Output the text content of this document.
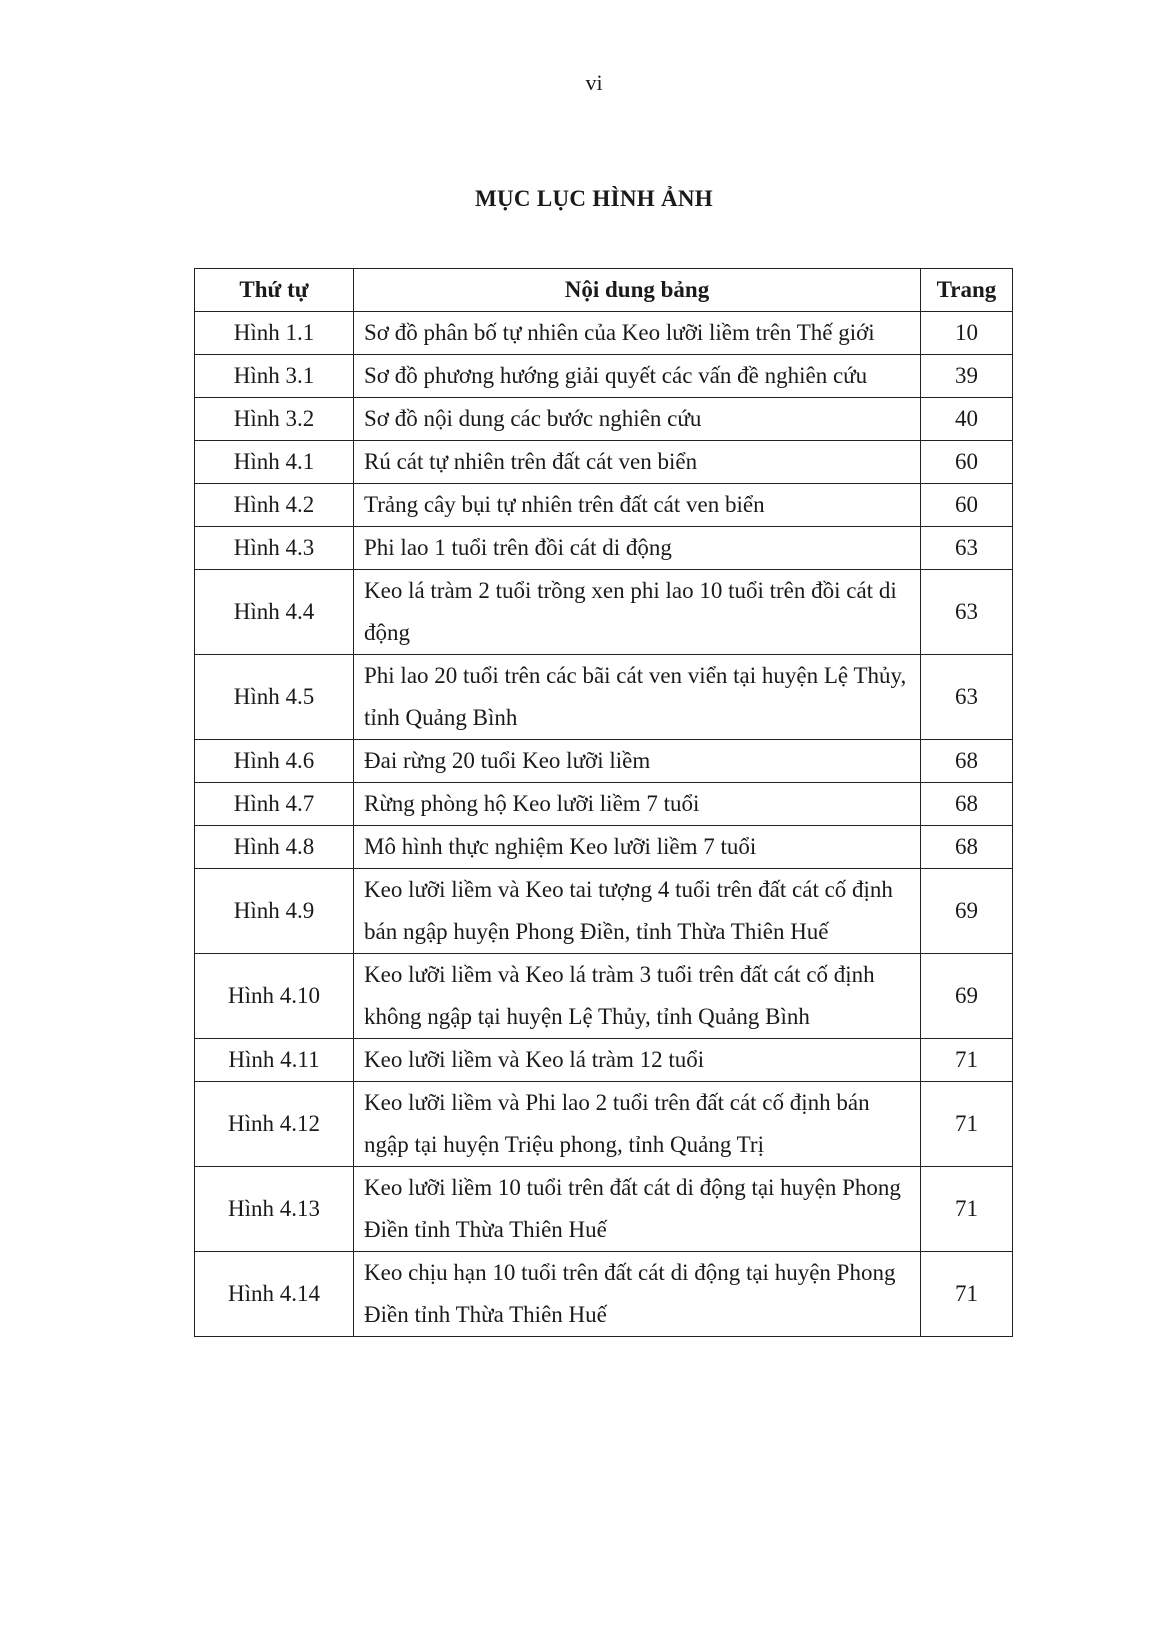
vi
MỤC LỤC HÌNH ẢNH
Thứ tự	Nội dung bảng	Trang
Hình 1.1	Sơ đồ phân bố tự nhiên của Keo lưỡi liềm trên Thế giới	10
Hình 3.1	Sơ đồ phương hướng giải quyết các vấn đề nghiên cứu	39
Hình 3.2	Sơ đồ nội dung các bước nghiên cứu	40
Hình 4.1	Rú cát tự nhiên trên đất cát ven biển	60
Hình 4.2	Trảng cây bụi tự nhiên trên đất cát ven biển	60
Hình 4.3	Phi lao 1 tuổi trên đồi cát di động	63
Hình 4.4	Keo lá tràm 2 tuổi trồng xen phi lao 10 tuổi trên đồi cát di động	63
Hình 4.5	Phi lao 20 tuổi trên các bãi cát ven viển tại huyện Lệ Thủy, tỉnh Quảng Bình	63
Hình 4.6	Đai rừng 20 tuổi Keo lưỡi liềm	68
Hình 4.7	Rừng phòng hộ Keo lưỡi liềm 7 tuổi	68
Hình 4.8	Mô hình thực nghiệm Keo lưỡi liềm 7 tuổi	68
Hình 4.9	Keo lưỡi liềm và Keo tai tượng 4 tuổi trên đất cát cố định bán ngập huyện Phong Điền, tỉnh Thừa Thiên Huế	69
Hình 4.10	Keo lưỡi liềm và Keo lá tràm 3 tuổi trên đất cát cố định không ngập tại huyện Lệ Thủy, tỉnh Quảng Bình	69
Hình 4.11	Keo lưỡi liềm và Keo lá tràm 12 tuổi	71
Hình 4.12	Keo lưỡi liềm và Phi lao 2 tuổi trên đất cát cố định bán ngập tại huyện Triệu phong, tỉnh Quảng Trị	71
Hình 4.13	Keo lưỡi liềm 10 tuổi trên đất cát di động tại huyện Phong Điền tỉnh Thừa Thiên Huế	71
Hình 4.14	Keo chịu hạn 10 tuổi trên đất cát di động tại huyện Phong Điền tỉnh Thừa Thiên Huế	71
